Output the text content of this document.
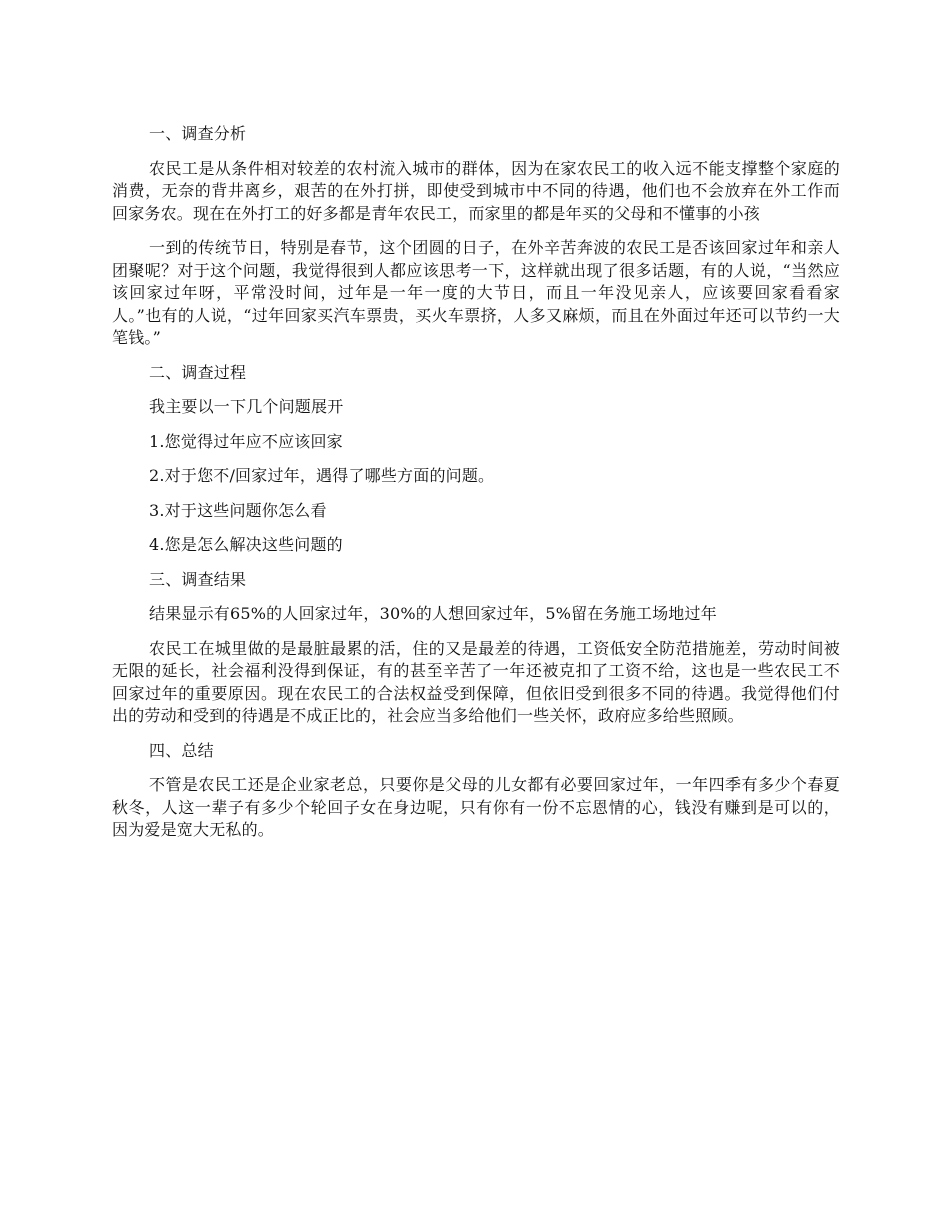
一、调查分析

农民工是从条件相对较差的农村流入城市的群体，因为在家农民工的收入远不能支撑整个家庭的消费，无奈的背井离乡，艰苦的在外打拼，即使受到城市中不同的待遇，他们也不会放弃在外工作而回家务农。现在在外打工的好多都是青年农民工，而家里的都是年买的父母和不懂事的小孩

一到的传统节日，特别是春节，这个团圆的日子，在外辛苦奔波的农民工是否该回家过年和亲人团聚呢？对于这个问题，我觉得很到人都应该思考一下，这样就出现了很多话题，有的人说，“当然应该回家过年呀，平常没时间，过年是一年一度的大节日，而且一年没见亲人，应该要回家看看家人。”也有的人说，“过年回家买汽车票贵，买火车票挤，人多又麻烦，而且在外面过年还可以节约一大笔钱。”

二、调查过程

我主要以一下几个问题展开

1.您觉得过年应不应该回家

2.对于您不/回家过年，遇得了哪些方面的问题。

3.对于这些问题你怎么看

4.您是怎么解决这些问题的

三、调查结果

结果显示有65%的人回家过年，30%的人想回家过年，5%留在务施工场地过年

农民工在城里做的是最脏最累的活，住的又是最差的待遇，工资低安全防范措施差，劳动时间被无限的延长，社会福利没得到保证，有的甚至辛苦了一年还被克扣了工资不给，这也是一些农民工不回家过年的重要原因。现在农民工的合法权益受到保障，但依旧受到很多不同的待遇。我觉得他们付出的劳动和受到的待遇是不成正比的，社会应当多给他们一些关怀，政府应多给些照顾。

四、总结

不管是农民工还是企业家老总，只要你是父母的儿女都有必要回家过年，一年四季有多少个春夏秋冬，人这一辈子有多少个轮回子女在身边呢，只有你有一份不忘恩情的心，钱没有赚到是可以的，因为爱是宽大无私的。
